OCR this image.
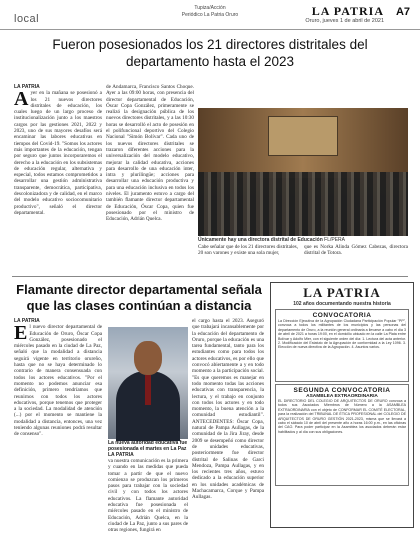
local
Tupiza/Acción
Periódico La Patria Oruro	LA PATRIA
Oruro, jueves 1 de abril de 2021
A7
Fueron posesionados los 21 directores distritales del departamento hasta el 2023
LA PATRIA
A yer en la mañana se posesionó a los 21 nuevos directores distritales de educación, los cuales luego de un largo proceso de institucionalización junto a los maestros cargos por las gestiones 2021, 2022 y 2023, uno de sus mayores desafíos será encaminar las labores educativas en tiempos del Covid-19. "Somos los actores más importantes de la educación, tengan por seguro que juntos incorporaremos el derecho a la educación en los subsistemas de educación regular, alternativa y especial, todos estamos comprometidos a desarrollar una gestión administrativa transparente, democrática, participativa, descolonizadora y de calidad, en el marco del modelo educativo sociocomunitario productivo", señaló el director departamental.
de Andamarca, Francisco Santos Choque. Ayer a las 09:00 horas, con presencia del director departamental de Educación, Óscar Copa González, primeramente se realizó la designación pública de los nuevos directores distritales, y a las 10:30 horas se desarrolló el acto de posesión en el polifuncional deportivo del Colegio Nacional "Simón Bolívar". Cada uno de los nuevos directores distritales se trazaron diferentes acciones para la universalización del modelo educativo, mejorar la calidad educativa, acciones para desarrollo de una educación inter, intra y plurilingüe; acciones para desarrollar una educación productiva y para una educación inclusiva en todos los niveles. El juramento estuvo a cargo del también flamante director departamental de Educación, Óscar Copa, quien fue posesionado por el ministro de Educación, Adrián Quelca.
Únicamente hay una directora distrital de Educación FL/PERA
Cabe señalar que de los 21 directores distritales, 20 son varones y existe una sola mujer,
que es Norka Alinda Gómez Cabezas, directora distrital de Totora.
Flamante director departamental señala que las clases continúan a distancia
LA PATRIA
E l nuevo director departamental de Educación de Oruro, Óscar Copa González, posesionado el miércoles pasado en la ciudad de La Paz, señaló que la modalidad a distancia seguirá vigente en territorio orureño, hasta que no se haya determinado lo contrario de manera consensuada con todos los actores educativos. "Por el momento no podemos anunciar esa definición, primero tendríamos que reunirnos con todos los actores educativos, porque tenemos que proteger a la sociedad. La modalidad de atención (...) por el momento se mantiene la modalidad a distancia, entonces, una vez teniendo algunas reuniones podrá resultar de consenso".
La nueva autoridad educativa fue posesionada el martes en La Paz LA PATRIA
va nuestra comunicación es la primera y cuando en las medidas que pueda tomar a partir de que el nuevo comienzo se produzcan los primeros pasos para trabajar con la sociedad civil y con todos los actores educativos. La flamante autoridad educativa fue posesionada el miércoles pasado en el ministro de Educación, Adrián Quelca, en la ciudad de La Paz, junto a sus pares de otras regiones, fungirá en
el cargo hasta el 2023. Aseguró que trabajará incansablemente por la educación del departamento de Oruro, porque la educación es una tarea fundamental, tanto para los estudiantes como para todos los actores educativos, es por ello que convocó abiertamente a y en todo momento a la participación social. "Es que queremos es manejar en todo momento todas las acciones educativas con transparencia, la lectura, y el trabajo en conjunto con todos los actores y en todo momento, la buena atención a la comunidad estudiantil". ANTECEDENTES: Óscar Copa, natural de Pampa Aullagas, de la comunidad de la Jira Jiray, desde 2009 se desempeñó como director de unidades educativas, posteriormente fue director distrital de Salinas de Garci Mendoza, Pampa Aullagas, y en los recientes tres años, estuvo dedicado a la educación superior en los unidades académicas de Machacamarca, Corque y Pampa Aullagas.
LA PATRIA
102 años documentando nuestra historia
CONVOCATORIA
La Dirección Ejecutiva de la Agrupación Ciudadana Participación Popular "PP", convoca a todos los militantes de los municipios y las personas del departamento de Oruro, a la reunión general ordinaria a llevarse a cabo el día 3 de abril de 2021 a horas 19:00, en el domicilio ubicado en la calle La Plata entre Bolívar y Adolfo Mier, con el siguiente orden del día: 1. Lectura del acta anterior. 2. Modificación del Estatuto de la Agrupación de conformidad a la Ley 1096. 3. Elección de nueva directiva de la Agrupación. 4. Asuntos varios.
SEGUNDA CONVOCATORIA
ASAMBLEA EXTRAORDINARIA
EL DIRECTORIO DEL COLEGIO DE ARQUITECTOS DE ORURO convoca a todos sus Asociados Miembros de Número a la ASAMBLEA EXTRAORDINARIA con el objeto de CONFORMAR EL COMITÉ ELECTORAL, para la realización del TRIBUNAL DE ÉTICA PROFESIONAL del COLEGIO DE ARQUITECTOS DE ORURO GESTIÓN 2021-2023, misma que se llevará a cabo el sábado 10 de abril del presente año a horas 16:00 p.m., en las oficinas del CAO. Para poder participar en la Asamblea los asociados deberán estar habilitados y al día con sus obligaciones.
